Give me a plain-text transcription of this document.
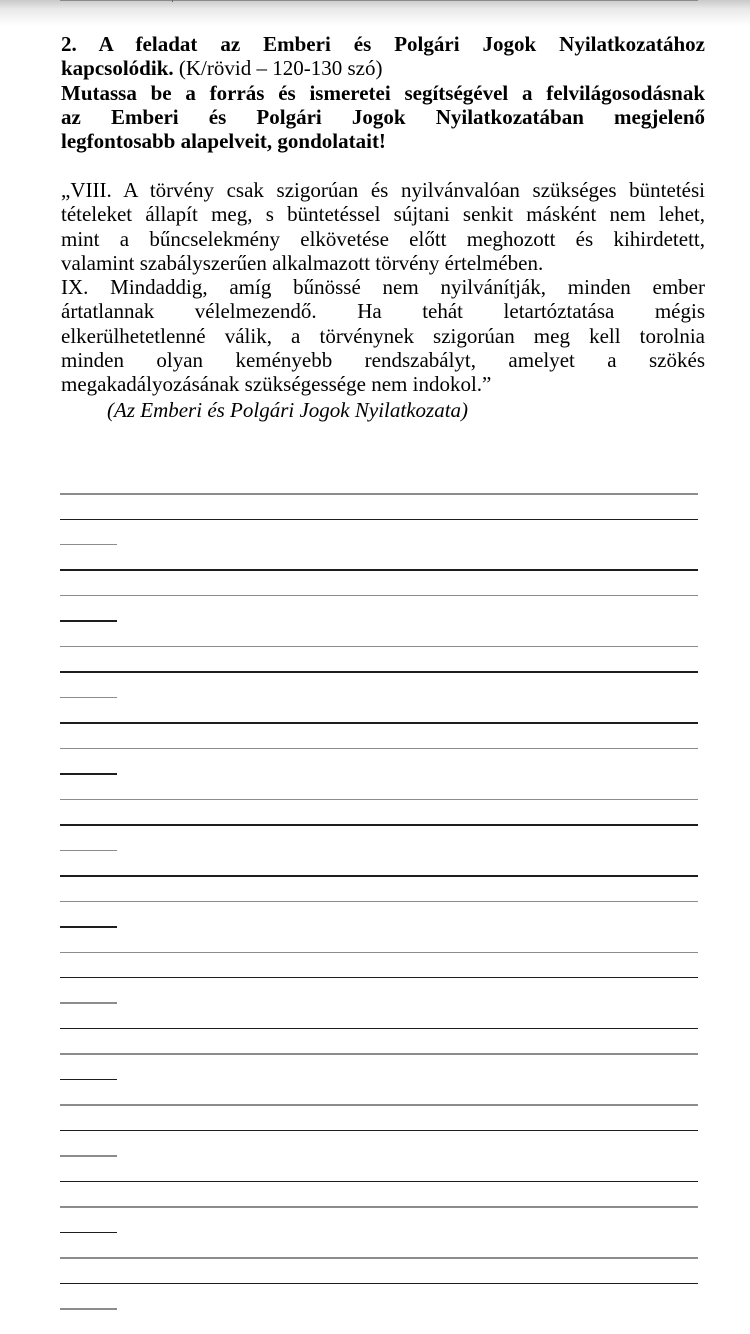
2. A feladat az Emberi és Polgári Jogok Nyilatkozatához
kapcsolódik. (K/rövid – 120-130 szó)
Mutassa be a forrás és ismeretei segítségével a felvilágosodásnak
az Emberi és Polgári Jogok Nyilatkozatában megjelenő
legfontosabb alapelveit, gondolatait!
„VIII. A törvény csak szigorúan és nyilvánvalóan szükséges büntetési
tételeket állapít meg, s büntetéssel sújtani senkit másként nem lehet,
mint a bűncselekmény elkövetése előtt meghozott és kihirdetett,
valamint szabályszerűen alkalmazott törvény értelmében.
IX. Mindaddig, amíg bűnössé nem nyilvánítják, minden ember
ártatlannak vélelmezendő. Ha tehát letartóztatása mégis
elkerülhetetlenné válik, a törvénynek szigorúan meg kell torolnia
minden olyan keményebb rendszabályt, amelyet a szökés
megakadályozásának szükségessége nem indokol.”
(Az Emberi és Polgári Jogok Nyilatkozata)
